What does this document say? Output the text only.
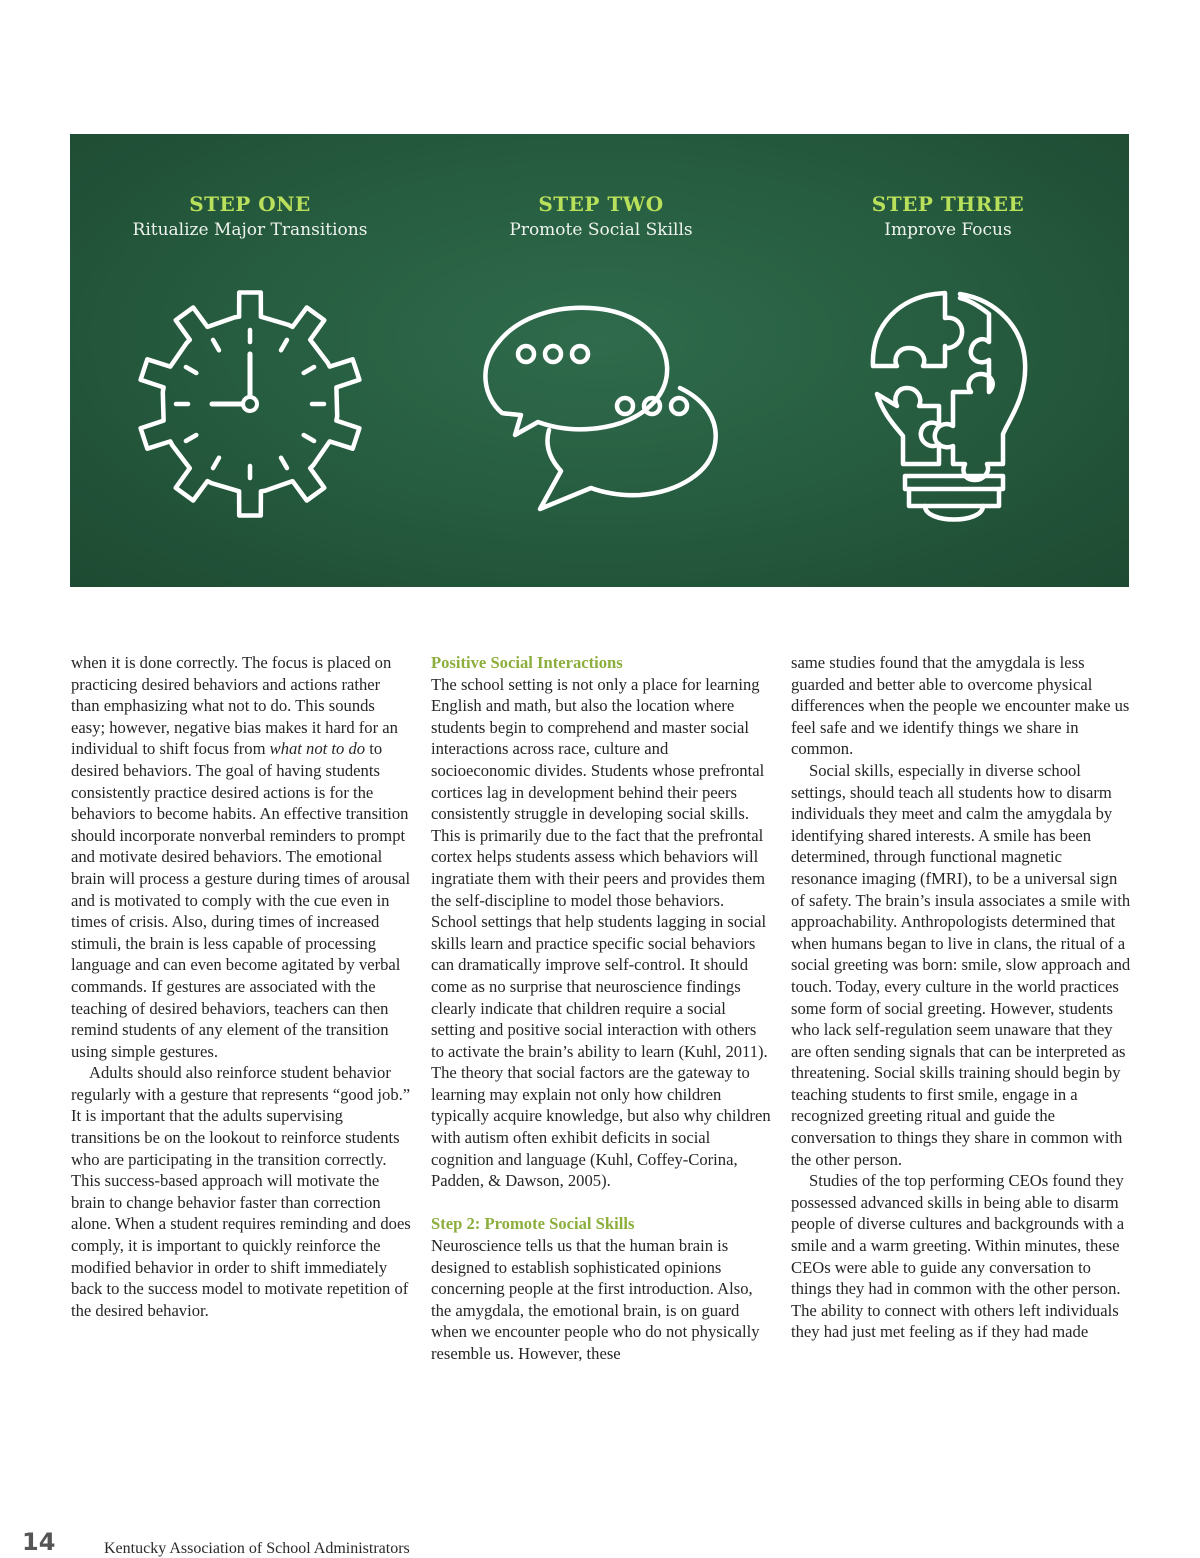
STEP ONE
Ritualize Major Transitions
STEP TWO
Promote Social Skills
STEP THREE
Improve Focus

when it is done correctly. The focus is placed on practicing desired behaviors and actions rather than emphasizing what not to do. This sounds easy; however, negative bias makes it hard for an individual to shift focus from what not to do to desired behaviors. The goal of having students consistently practice desired actions is for the behaviors to become habits. An effective transition should incorporate nonverbal reminders to prompt and motivate desired behaviors. The emotional brain will process a gesture during times of arousal and is motivated to comply with the cue even in times of crisis. Also, during times of increased stimuli, the brain is less capable of processing language and can even become agitated by verbal commands. If gestures are associated with the teaching of desired behaviors, teachers can then remind students of any element of the transition using simple gestures.

Adults should also reinforce student behavior regularly with a gesture that represents “good job.” It is important that the adults supervising transitions be on the lookout to reinforce students who are participating in the transition correctly. This success-based approach will motivate the brain to change behavior faster than correction alone. When a student requires reminding and does comply, it is important to quickly reinforce the modified behavior in order to shift immediately back to the success model to motivate repetition of the desired behavior.

Positive Social Interactions

The school setting is not only a place for learning English and math, but also the location where students begin to comprehend and master social interactions across race, culture and socioeconomic divides. Students whose prefrontal cortices lag in development behind their peers consistently struggle in developing social skills. This is primarily due to the fact that the prefrontal cortex helps students assess which behaviors will ingratiate them with their peers and provides them the self-discipline to model those behaviors. School settings that help students lagging in social skills learn and practice specific social behaviors can dramatically improve self-control. It should come as no surprise that neuroscience findings clearly indicate that children require a social setting and positive social interaction with others to activate the brain’s ability to learn (Kuhl, 2011). The theory that social factors are the gateway to learning may explain not only how children typically acquire knowledge, but also why children with autism often exhibit deficits in social cognition and language (Kuhl, Coffey-Corina, Padden, & Dawson, 2005).

Step 2: Promote Social Skills

Neuroscience tells us that the human brain is designed to establish sophisticated opinions concerning people at the first introduction. Also, the amygdala, the emotional brain, is on guard when we encounter people who do not physically resemble us. However, these

same studies found that the amygdala is less guarded and better able to overcome physical differences when the people we encounter make us feel safe and we identify things we share in common.

Social skills, especially in diverse school settings, should teach all students how to disarm individuals they meet and calm the amygdala by identifying shared interests. A smile has been determined, through functional magnetic resonance imaging (fMRI), to be a universal sign of safety. The brain’s insula associates a smile with approachability. Anthropologists determined that when humans began to live in clans, the ritual of a social greeting was born: smile, slow approach and touch. Today, every culture in the world practices some form of social greeting. However, students who lack self-regulation seem unaware that they are often sending signals that can be interpreted as threatening. Social skills training should begin by teaching students to first smile, engage in a recognized greeting ritual and guide the conversation to things they share in common with the other person.

Studies of the top performing CEOs found they possessed advanced skills in being able to disarm people of diverse cultures and backgrounds with a smile and a warm greeting. Within minutes, these CEOs were able to guide any conversation to things they had in common with the other person. The ability to connect with others left individuals they had just met feeling as if they had made

14	Kentucky Association of School Administrators
